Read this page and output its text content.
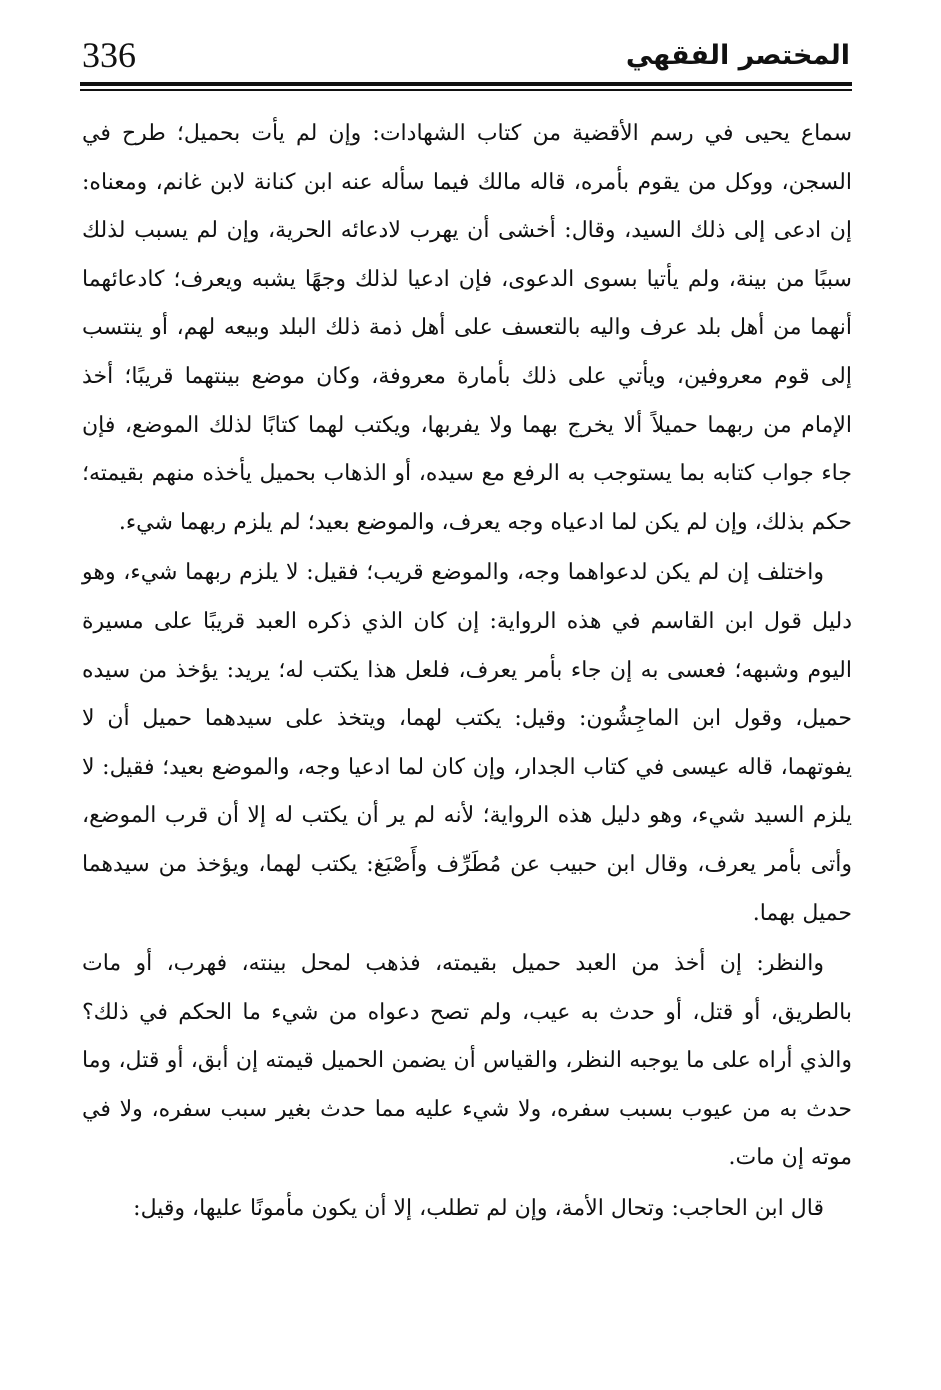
336	المختصر الفقهي

سماع يحيى في رسم الأقضية من كتاب الشهادات: وإن لم يأت بحميل؛ طرح في السجن، ووكل من يقوم بأمره، قاله مالك فيما سأله عنه ابن كنانة لابن غانم، ومعناه: إن ادعى إلى ذلك السيد، وقال: أخشى أن يهرب لادعائه الحرية، وإن لم يسبب لذلك سببًا من بينة، ولم يأتيا بسوى الدعوى، فإن ادعيا لذلك وجهًا يشبه ويعرف؛ كادعائهما أنهما من أهل بلد عرف واليه بالتعسف على أهل ذمة ذلك البلد وبيعه لهم، أو ينتسب إلى قوم معروفين، ويأتي على ذلك بأمارة معروفة، وكان موضع بينتهما قريبًا؛ أخذ الإمام من ربهما حميلاً ألا يخرج بهما ولا يفربها، ويكتب لهما كتابًا لذلك الموضع، فإن جاء جواب كتابه بما يستوجب به الرفع مع سيده، أو الذهاب بحميل يأخذه منهم بقيمته؛ حكم بذلك، وإن لم يكن لما ادعياه وجه يعرف، والموضع بعيد؛ لم يلزم ربهما شيء.

واختلف إن لم يكن لدعواهما وجه، والموضع قريب؛ فقيل: لا يلزم ربهما شيء، وهو دليل قول ابن القاسم في هذه الرواية: إن كان الذي ذكره العبد قريبًا على مسيرة اليوم وشبهه؛ فعسى به إن جاء بأمر يعرف، فلعل هذا يكتب له؛ يريد: يؤخذ من سيده حميل، وقول ابن الماجِشُون: وقيل: يكتب لهما، ويتخذ على سيدهما حميل أن لا يفوتهما، قاله عيسى في كتاب الجدار، وإن كان لما ادعيا وجه، والموضع بعيد؛ فقيل: لا يلزم السيد شيء، وهو دليل هذه الرواية؛ لأنه لم ير أن يكتب له إلا أن قرب الموضع، وأتى بأمر يعرف، وقال ابن حبيب عن مُطَرِّف وأَصْبَغ: يكتب لهما، ويؤخذ من سيدهما حميل بهما.

والنظر: إن أخذ من العبد حميل بقيمته، فذهب لمحل بينته، فهرب، أو مات بالطريق، أو قتل، أو حدث به عيب، ولم تصح دعواه من شيء ما الحكم في ذلك؟ والذي أراه على ما يوجبه النظر، والقياس أن يضمن الحميل قيمته إن أبق، أو قتل، وما حدث به من عيوب بسبب سفره، ولا شيء عليه مما حدث بغير سبب سفره، ولا في موته إن مات.

قال ابن الحاجب: وتحال الأمة، وإن لم تطلب، إلا أن يكون مأمونًا عليها، وقيل:
